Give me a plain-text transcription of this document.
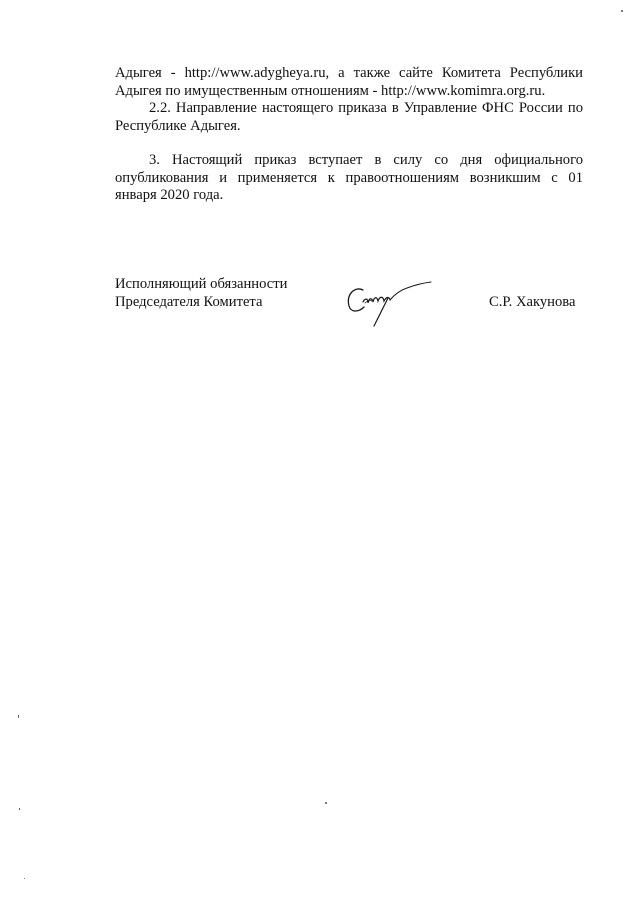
Адыгея - http://www.adygheya.ru, а также сайте Комитета Республики
Адыгея по имущественным отношениям - http://www.komimra.org.ru.
2.2. Направление настоящего приказа в Управление ФНС России по
Республике Адыгея.
3. Настоящий приказ вступает в силу со дня официального
опубликования и применяется к правоотношениям возникшим с 01
января 2020 года.
Исполняющий обязанности
Председателя Комитета	С.Р. Хакунова
